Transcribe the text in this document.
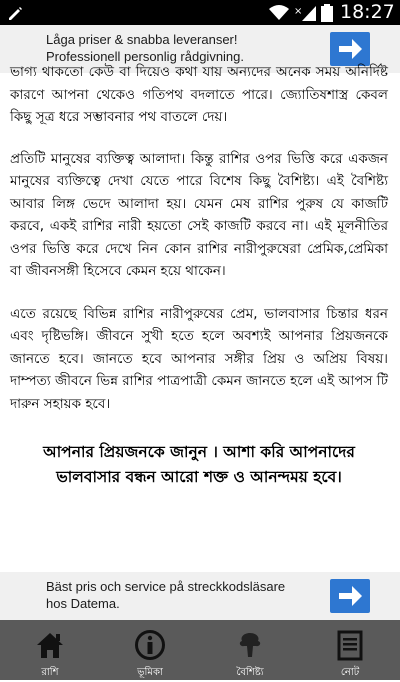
× 18:27
Låga priser & snabba leveranser!
Professionell personlig rådgivning.

ভাগ্য থাকতো কেউ বা দিয়েও কথা যায় অন্যদের অনেক সময় অনির্দিষ্ট কারণে আপনা থেকেও গতিপথ বদলাতে পারে। জ্যোতিষশাস্ত্র কেবল কিছু সূত্র ধরে সম্ভাবনার পথ বাতলে দেয়।

প্রতিটি মানুষের ব্যক্তিত্ব আলাদা। কিন্তু রাশির ওপর ভিত্তি করে একজন মানুষের ব্যক্তিত্বে দেখা যেতে পারে বিশেষ কিছু বৈশিষ্ট্য। এই বৈশিষ্ট্য আবার লিঙ্গ ভেদে আলাদা হয়। যেমন মেষ রাশির পুরুষ যে কাজটি করবে, একই রাশির নারী হয়তো সেই কাজটি করবে না। এই মূলনীতির ওপর ভিত্তি করে দেখে নিন কোন রাশির নারীপুরুষেরা প্রেমিক,প্রেমিকা বা জীবনসঙ্গী হিসেবে কেমন হয়ে থাকেন।

এতে রয়েছে বিভিন্ন রাশির নারীপুরুষের প্রেম, ভালবাসার চিন্তার ধরন এবং দৃষ্টিভঙ্গি। জীবনে সুখী হতে হলে অবশ্যই আপনার প্রিয়জনকে জানতে হবে। জানতে হবে আপনার সঙ্গীর প্রিয় ও অপ্রিয় বিষয়। দাম্পত্য জীবনে ভিন্ন রাশির পাত্রপাত্রী কেমন জানতে হলে এই আপস টি দারুন সহায়ক হবে।

আপনার প্রিয়জনকে জানুন । আশা করি আপনাদের ভালবাসার বন্ধন আরো শক্ত ও আনন্দময় হবে।

Bäst pris och service på streckkodsläsare
hos Datema.
রাশি	ভূমিকা	বৈশিষ্ট্য	নোট
